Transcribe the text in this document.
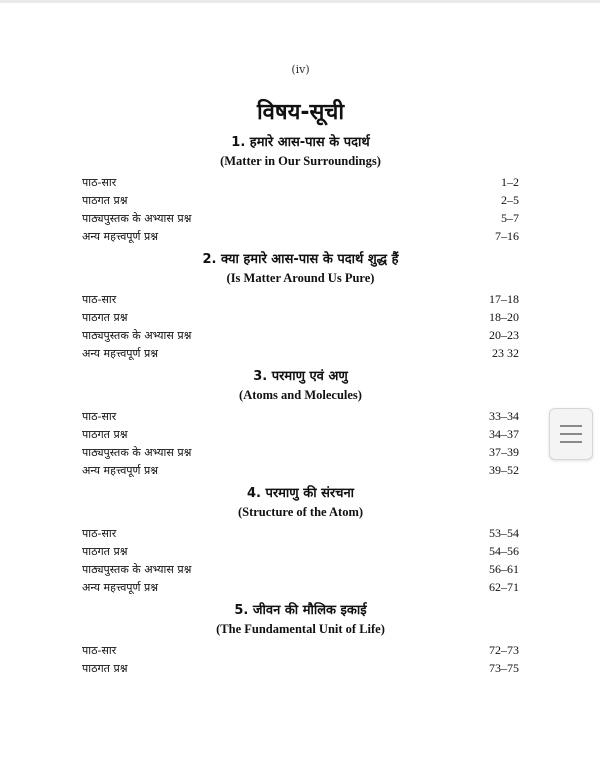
(iv)
विषय-सूची
1. हमारे आस-पास के पदार्थ
(Matter in Our Surroundings)
पाठ-सार	1–2
पाठगत प्रश्न	2–5
पाठ्यपुस्तक के अभ्यास प्रश्न	5–7
अन्य महत्त्वपूर्ण प्रश्न	7–16
2. क्या हमारे आस-पास के पदार्थ शुद्ध हैं
(Is Matter Around Us Pure)
पाठ-सार	17–18
पाठगत प्रश्न	18–20
पाठ्यपुस्तक के अभ्यास प्रश्न	20–23
अन्य महत्त्वपूर्ण प्रश्न	23 32
3. परमाणु एवं अणु
(Atoms and Molecules)
पाठ-सार	33–34
पाठगत प्रश्न	34–37
पाठ्यपुस्तक के अभ्यास प्रश्न	37–39
अन्य महत्त्वपूर्ण प्रश्न	39–52
4. परमाणु की संरचना
(Structure of the Atom)
पाठ-सार	53–54
पाठगत प्रश्न	54–56
पाठ्यपुस्तक के अभ्यास प्रश्न	56–61
अन्य महत्त्वपूर्ण प्रश्न	62–71
5. जीवन की मौलिक इकाई
(The Fundamental Unit of Life)
पाठ-सार	72–73
पाठगत प्रश्न	73–75
